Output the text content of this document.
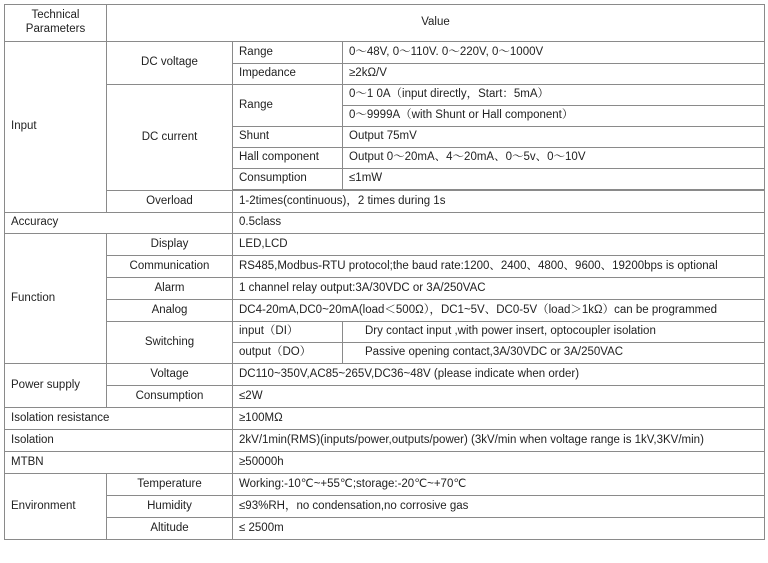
Technical
Parameters	Value		
Input	DC voltage	Range	0～48V, 0～110V. 0～220V, 0～1000V
		Impedance	≥2kΩ/V
	DC current	Range	0～1 0A（input directly，Start：5mA）
			0～9999A（with Shunt or Hall component）
		Shunt	Output 75mV
		Hall component	Output 0～20mA、4～20mA、0～5v、0～10V
		Consumption	≤1mW

	Overload	1-2times(continuous)，2 times during 1s	
Accuracy		0.5class	
Function	Display	LED,LCD	
	Communication	RS485,Modbus-RTU protocol;the baud rate:1200、2400、4800、9600、19200bps is optional	
	Alarm	1 channel relay output:3A/30VDC or 3A/250VAC	
	Analog	DC4-20mA,DC0~20mA(load＜500Ω），DC1~5V、DC0-5V（load＞1kΩ）can be programmed	
	Switching	input（DI）	Dry contact input ,with power insert, optocoupler isolation
		output（DO）	Passive opening contact,3A/30VDC or 3A/250VAC
Power supply	Voltage	DC110~350V,AC85~265V,DC36~48V (please indicate when order)	
	Consumption	≤2W	
Isolation resistance		≥100MΩ	
Isolation		2kV/1min(RMS)(inputs/power,outputs/power) (3kV/min when voltage range is 1kV,3KV/min)	
MTBN		≥50000h	
Environment	Temperature	Working:-10℃~+55℃;storage:-20℃~+70℃	
	Humidity	≤93%RH，no condensation,no corrosive gas	
	Altitude	≤ 2500m	
